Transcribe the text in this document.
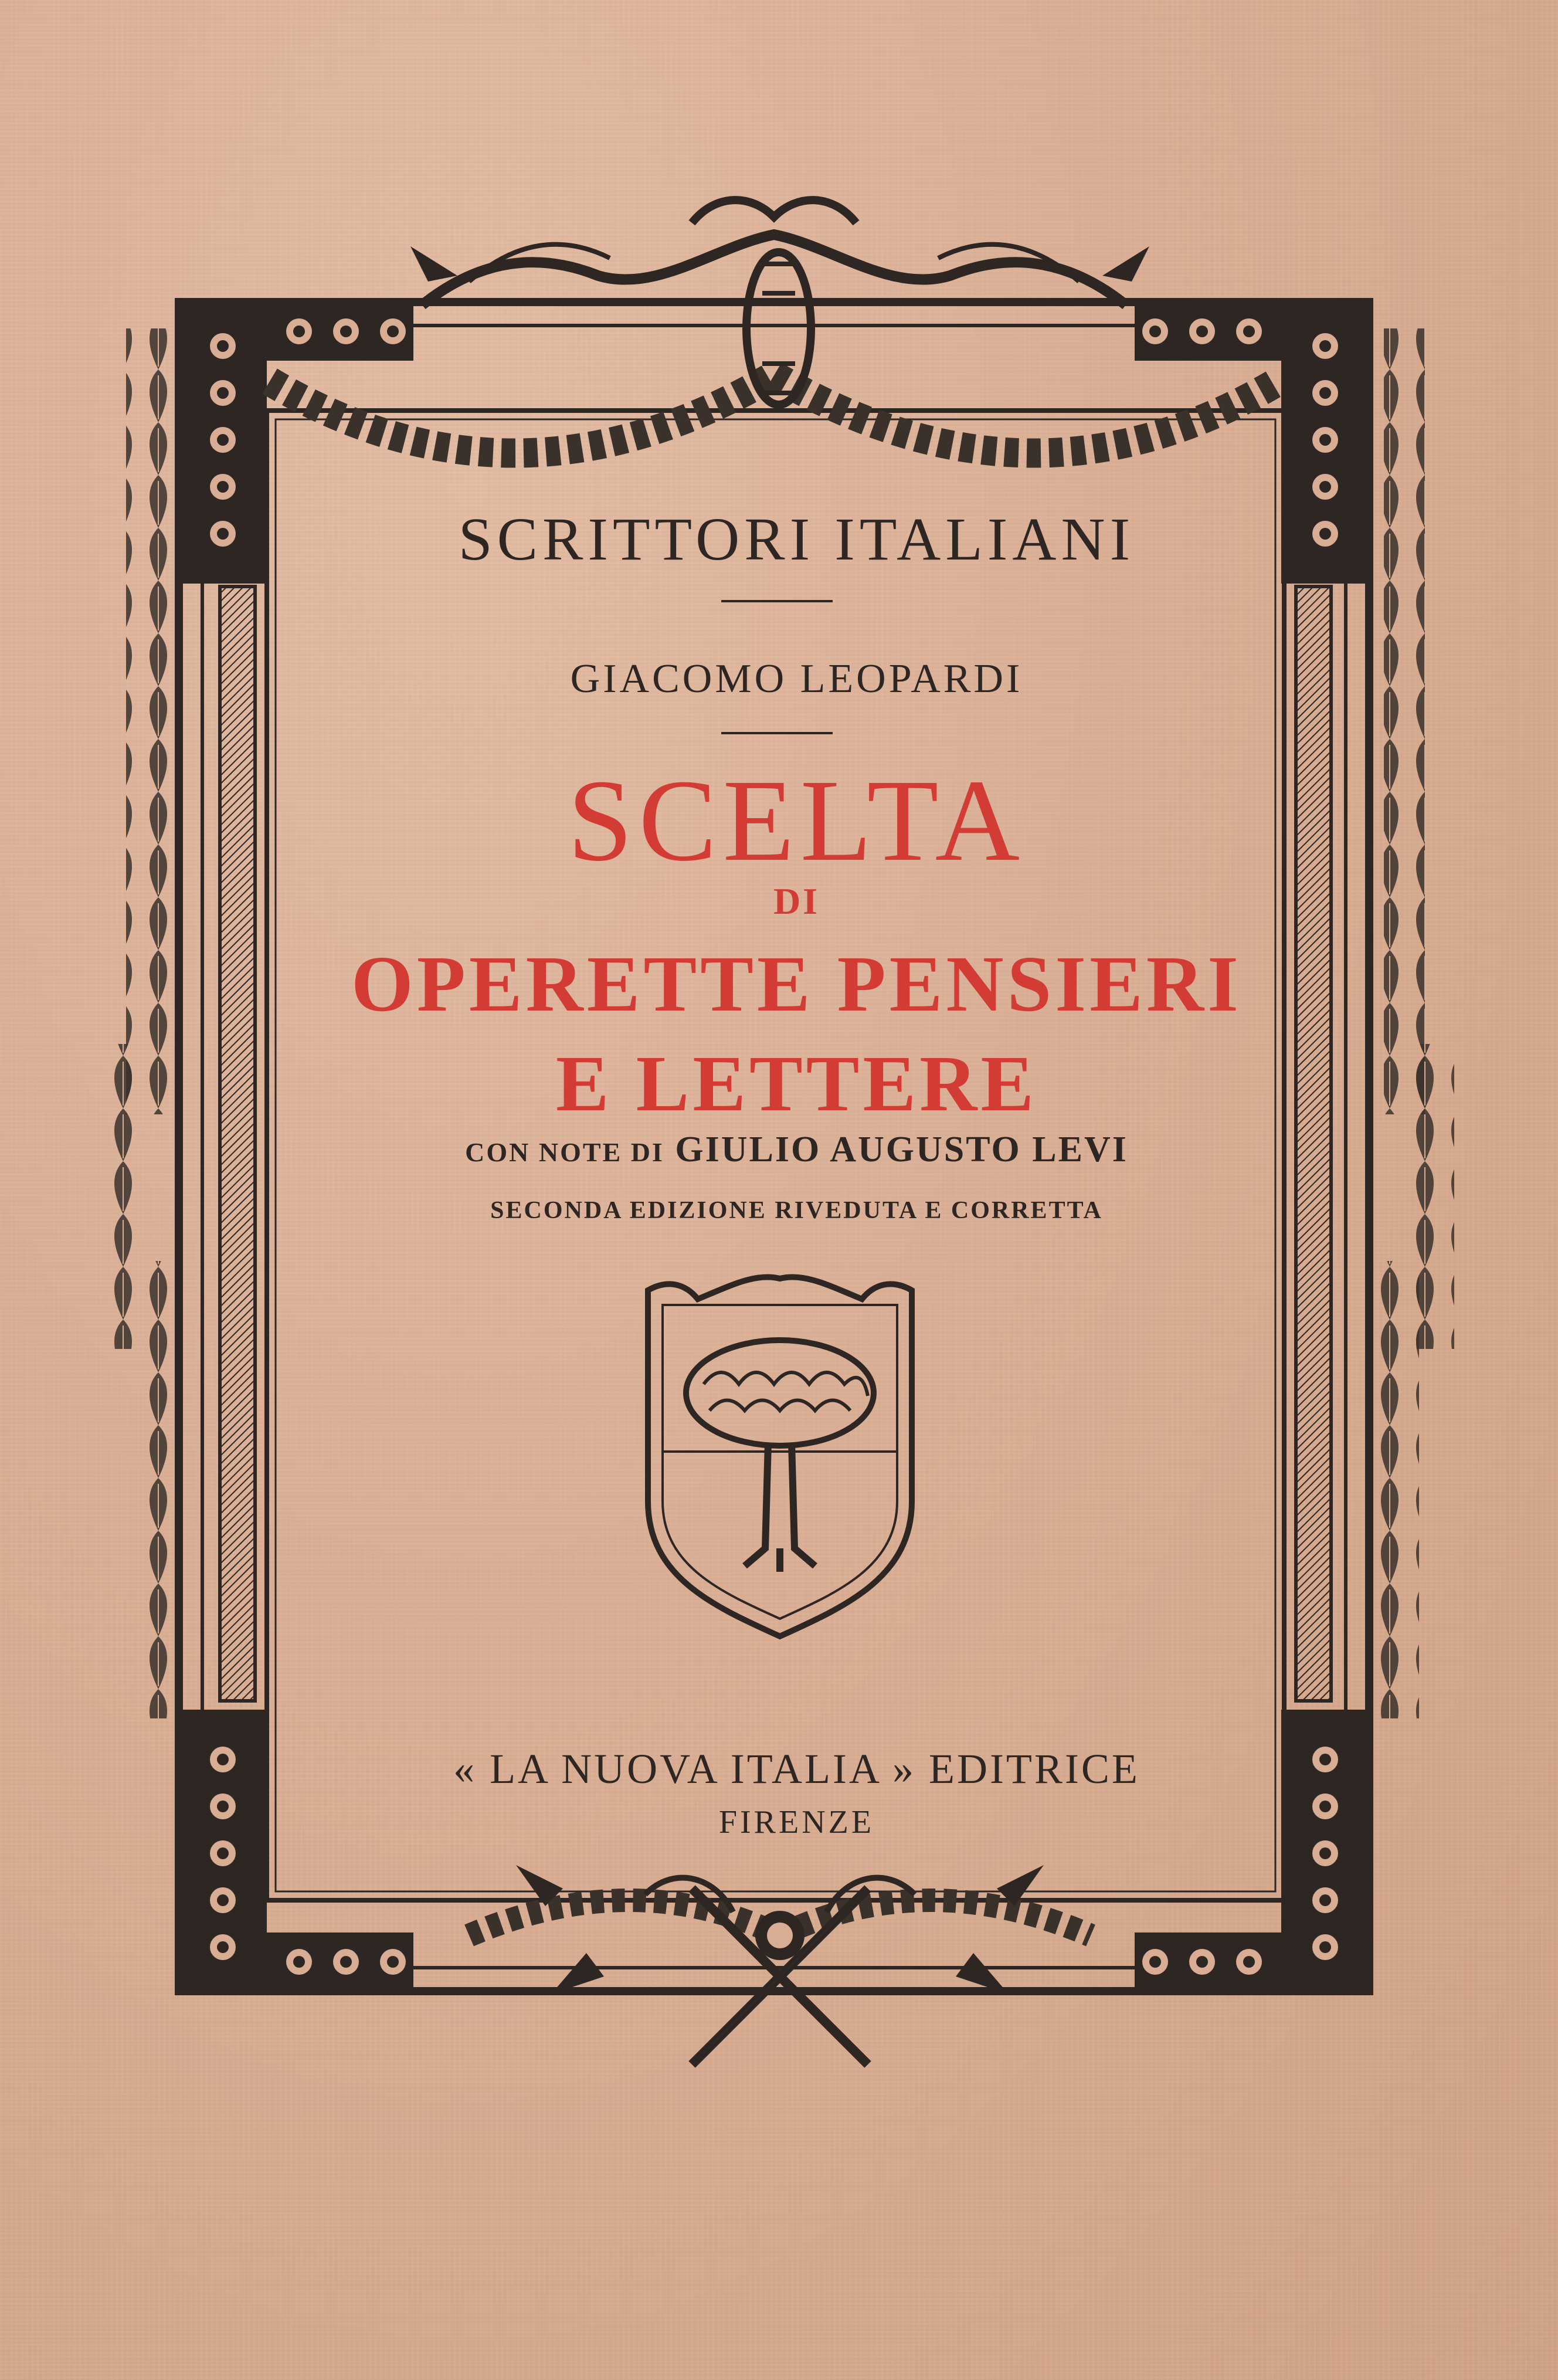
SCRITTORI ITALIANI
GIACOMO LEOPARDI
SCELTA
DI
OPERETTE PENSIERI
E LETTERE
CON NOTE DI GIULIO AUGUSTO LEVI
SECONDA EDIZIONE RIVEDUTA E CORRETTA
« LA NUOVA ITALIA » EDITRICE
FIRENZE
